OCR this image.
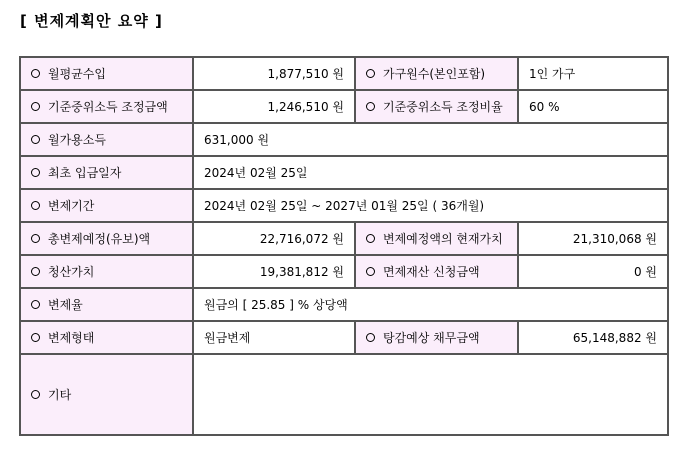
[ 변제계획안 요약 ]
월평균수입	1,877,510 원	가구원수(본인포함)	1인 가구
기준중위소득 조정금액	1,246,510 원	기준중위소득 조정비율	60 %
월가용소득	631,000 원		
최초 입금일자	2024년 02월 25일		
변제기간	2024년 02월 25일 ~ 2027년 01월 25일 ( 36개월)		
총변제예정(유보)액	22,716,072 원	변제예정액의 현재가치	21,310,068 원
청산가치	19,381,812 원	면제재산 신청금액	0 원
변제율	원금의 [ 25.85 ] % 상당액		
변제형태	원금변제	탕감예상 채무금액	65,148,882 원
기타			
